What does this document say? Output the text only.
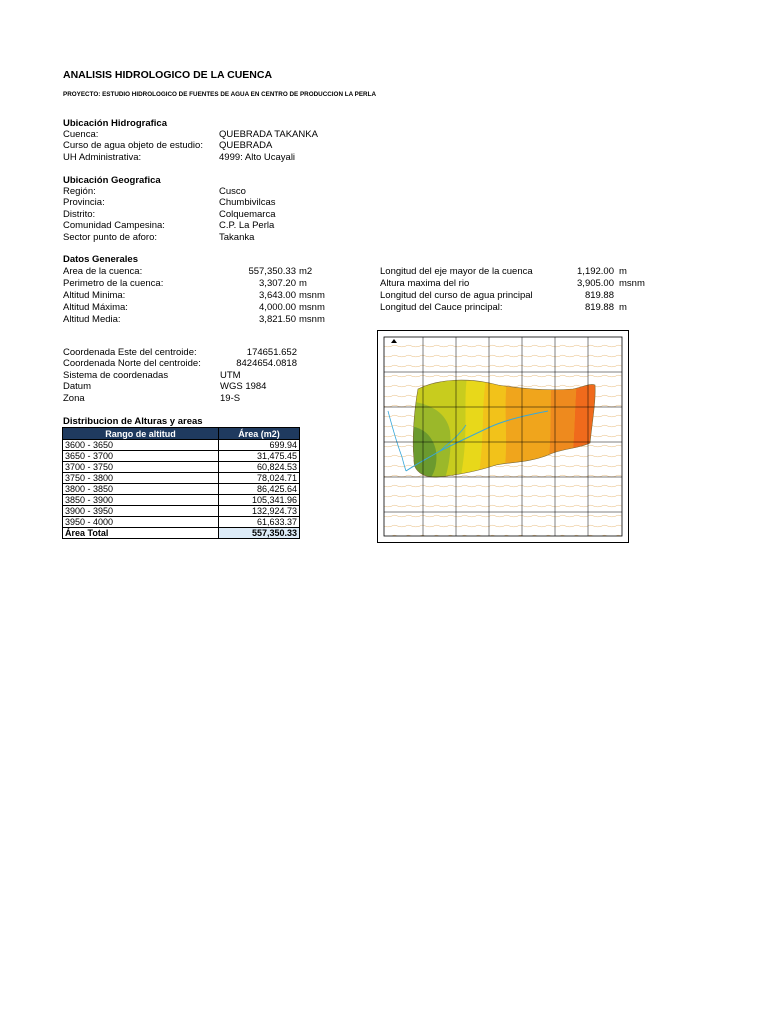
ANALISIS HIDROLOGICO DE LA CUENCA
PROYECTO: ESTUDIO HIDROLOGICO DE FUENTES DE AGUA EN CENTRO DE PRODUCCION LA PERLA
Ubicación Hidrografica
Cuenca:	QUEBRADA TAKANKA
Curso de agua objeto de estudio: QUEBRADA
UH Administrativa:	4999: Alto Ucayali
Ubicación Geografica
Región:	Cusco
Provincia:	Chumbivilcas
Distrito:	Colquemarca
Comunidad Campesina:	C.P. La Perla
Sector punto de aforo:	Takanka
Datos Generales
Area de la cuenca:	557,350.33 m2
Perimetro de la cuenca:	3,307.20 m
Altitud Minima:	3,643.00 msnm
Altitud Máxima:	4,000.00 msnm
Altitud Media:	3,821.50 msnm
Longitud del eje mayor de la cuenca	1,192.00 m
Altura maxima del rio	3,905.00 msnm
Longitud del curso de agua principal	819.88
Longitud del Cauce principal:	819.88 m
Coordenada Este del centroide:	174651.652
Coordenada Norte del centroide:	8424654.0818
Sistema de coordenadas	UTM
Datum	WGS 1984
Zona	19-S
Distribucion de Alturas y areas
Rango de altitud	Área (m2)
3600 - 3650	699.94
3650 - 3700	31,475.45
3700 - 3750	60,824.53
3750 - 3800	78,024.71
3800 - 3850	86,425.64
3850 - 3900	105,341.96
3900 - 3950	132,924.73
3950 - 4000	61,633.37
Área Total	557,350.33
